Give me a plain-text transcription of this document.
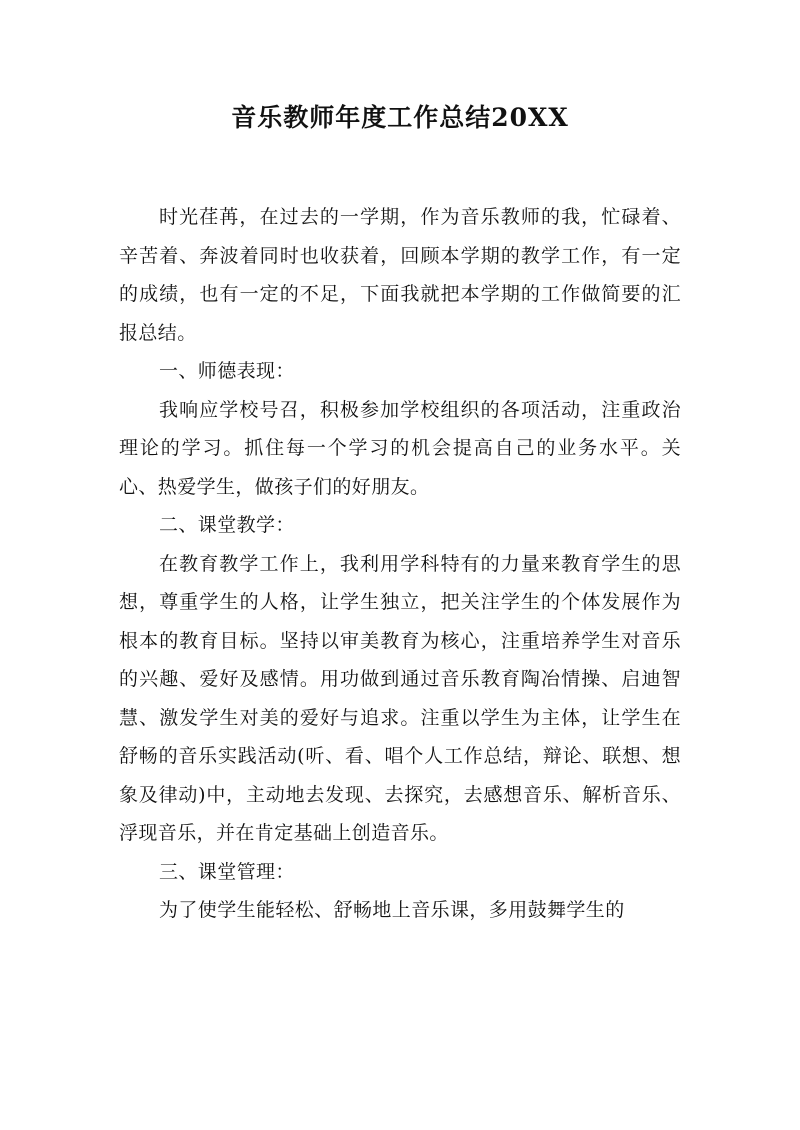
音乐教师年度工作总结20XX

时光荏苒，在过去的一学期，作为音乐教师的我，忙碌着、辛苦着、奔波着同时也收获着，回顾本学期的教学工作，有一定的成绩，也有一定的不足，下面我就把本学期的工作做简要的汇报总结。

一、师德表现：

我响应学校号召，积极参加学校组织的各项活动，注重政治理论的学习。抓住每一个学习的机会提高自己的业务水平。关心、热爱学生，做孩子们的好朋友。

二、课堂教学：

在教育教学工作上，我利用学科特有的力量来教育学生的思想，尊重学生的人格，让学生独立，把关注学生的个体发展作为根本的教育目标。坚持以审美教育为核心，注重培养学生对音乐的兴趣、爱好及感情。用功做到通过音乐教育陶冶情操、启迪智慧、激发学生对美的爱好与追求。注重以学生为主体，让学生在舒畅的音乐实践活动(听、看、唱个人工作总结，辩论、联想、想象及律动)中，主动地去发现、去探究，去感想音乐、解析音乐、浮现音乐，并在肯定基础上创造音乐。

三、课堂管理：

为了使学生能轻松、舒畅地上音乐课，多用鼓舞学生的
